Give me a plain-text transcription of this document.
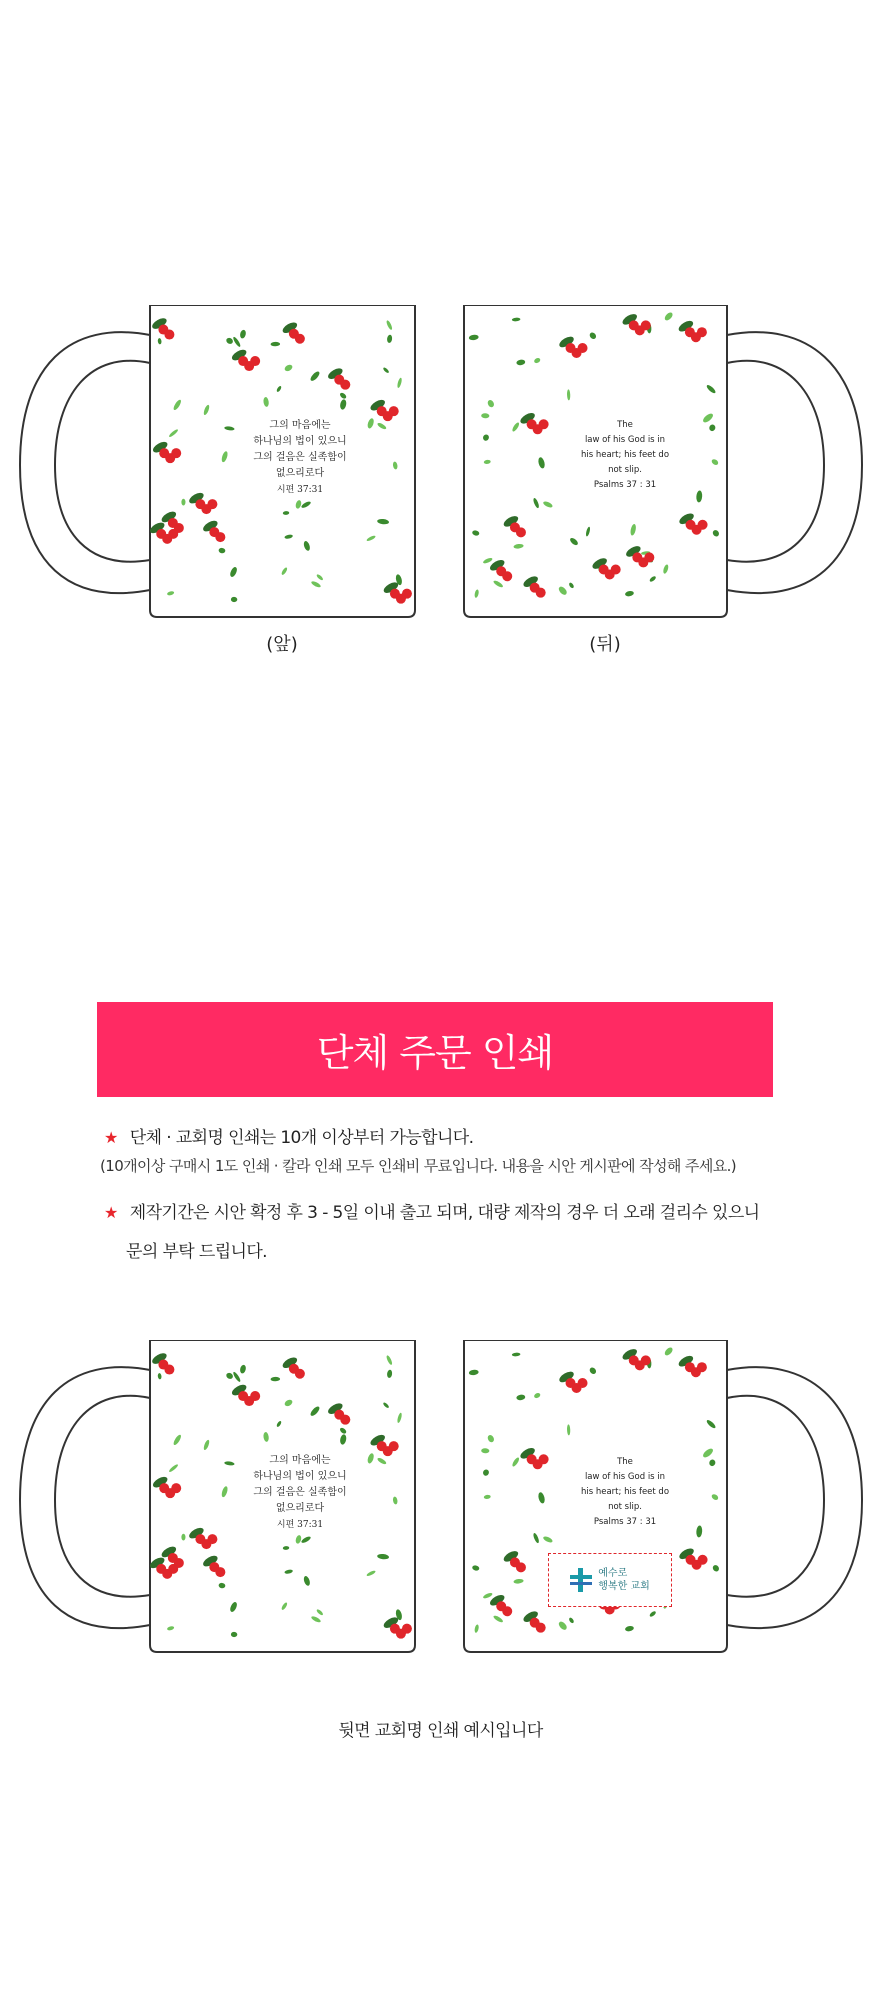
그의 마음에는
하나님의 법이 있으니
그의 걸음은 실족함이
없으리로다
시편 37:31
The
law of his God is in
his heart; his feet do
not slip.
Psalms 37 : 31
(앞)	(뒤)
단체 주문 인쇄
★ 단체 · 교회명 인쇄는 10개 이상부터 가능합니다.
(10개이상 구매시 1도 인쇄 · 칼라 인쇄 모두 인쇄비 무료입니다. 내용을 시안 게시판에 작성해 주세요.)
★ 제작기간은 시안 확정 후 3 - 5일 이내 출고 되며, 대량 제작의 경우 더 오래 걸리수 있으니
문의 부탁 드립니다.
그의 마음에는
하나님의 법이 있으니
그의 걸음은 실족함이
없으리로다
시편 37:31
The
law of his God is in
his heart; his feet do
not slip.
Psalms 37 : 31
예수로
행복한 교회
뒷면 교회명 인쇄 예시입니다
